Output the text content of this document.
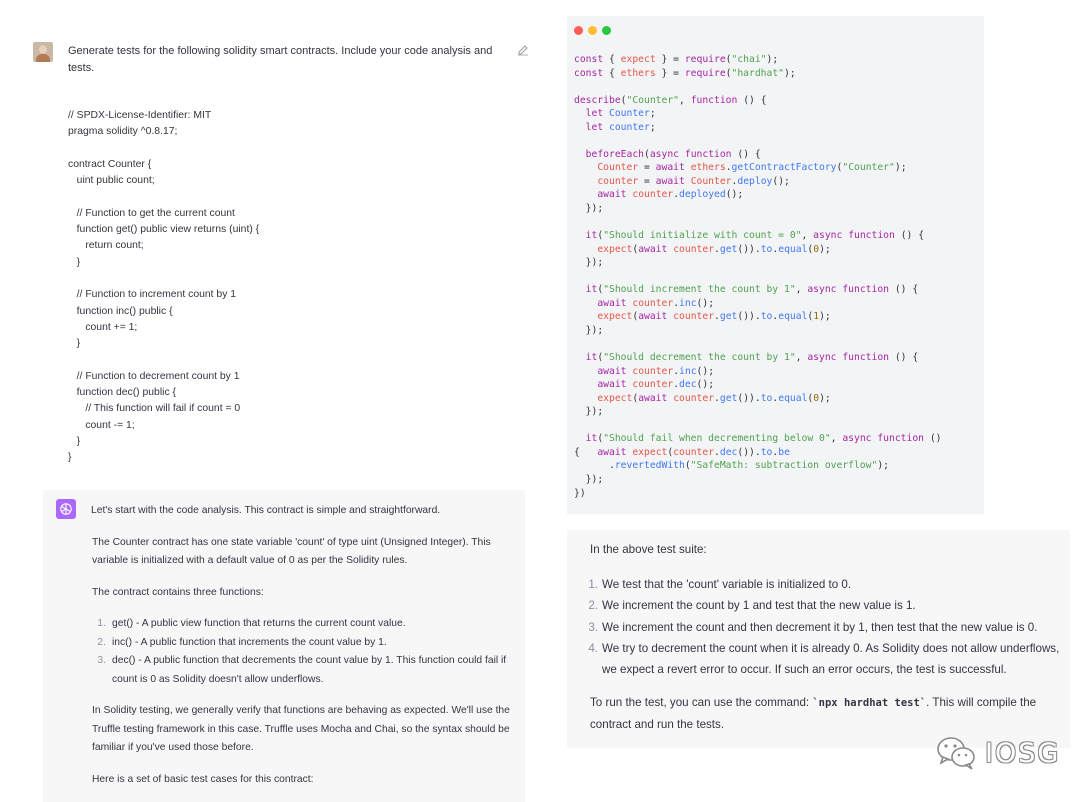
Generate tests for the following solidity smart contracts. Include your code analysis and tests.
// SPDX-License-Identifier: MIT
pragma solidity ^0.8.17;

contract Counter {
uint public count;

// Function to get the current count
function get() public view returns (uint) {
return count;
}

// Function to increment count by 1
function inc() public {
count += 1;
}

// Function to decrement count by 1
function dec() public {
// This function will fail if count = 0
count -= 1;
}
}

Let's start with the code analysis. This contract is simple and straightforward.

The Counter contract has one state variable 'count' of type uint (Unsigned Integer). This variable is initialized with a default value of 0 as per the Solidity rules.

The contract contains three functions:

1. get() - A public view function that returns the current count value.
2. inc() - A public function that increments the count value by 1.
3. dec() - A public function that decrements the count value by 1. This function could fail if count is 0 as Solidity doesn't allow underflows.

In Solidity testing, we generally verify that functions are behaving as expected. We'll use the Truffle testing framework in this case. Truffle uses Mocha and Chai, so the syntax should be familiar if you've used those before.

Here is a set of basic test cases for this contract:

const { expect } = require("chai");
const { ethers } = require("hardhat");

describe("Counter", function () {
let Counter;
let counter;

beforeEach(async function () {
Counter = await ethers.getContractFactory("Counter");
counter = await Counter.deploy();
await counter.deployed();
});

it("Should initialize with count = 0", async function () {
expect(await counter.get()).to.equal(0);
});

it("Should increment the count by 1", async function () {
await counter.inc();
expect(await counter.get()).to.equal(1);
});

it("Should decrement the count by 1", async function () {
await counter.inc();
await counter.dec();
expect(await counter.get()).to.equal(0);
});

it("Should fail when decrementing below 0", async function ()
{   await expect(counter.dec()).to.be
.revertedWith("SafeMath: subtraction overflow");
});
})

In the above test suite:

1. We test that the 'count' variable is initialized to 0.
2. We increment the count by 1 and test that the new value is 1.
3. We increment the count and then decrement it by 1, then test that the new value is 0.
4. We try to decrement the count when it is already 0. As Solidity does not allow underflows, we expect a revert error to occur. If such an error occurs, the test is successful.

To run the test, you can use the command: `npx hardhat test`. This will compile the contract and run the tests.

IOSG
